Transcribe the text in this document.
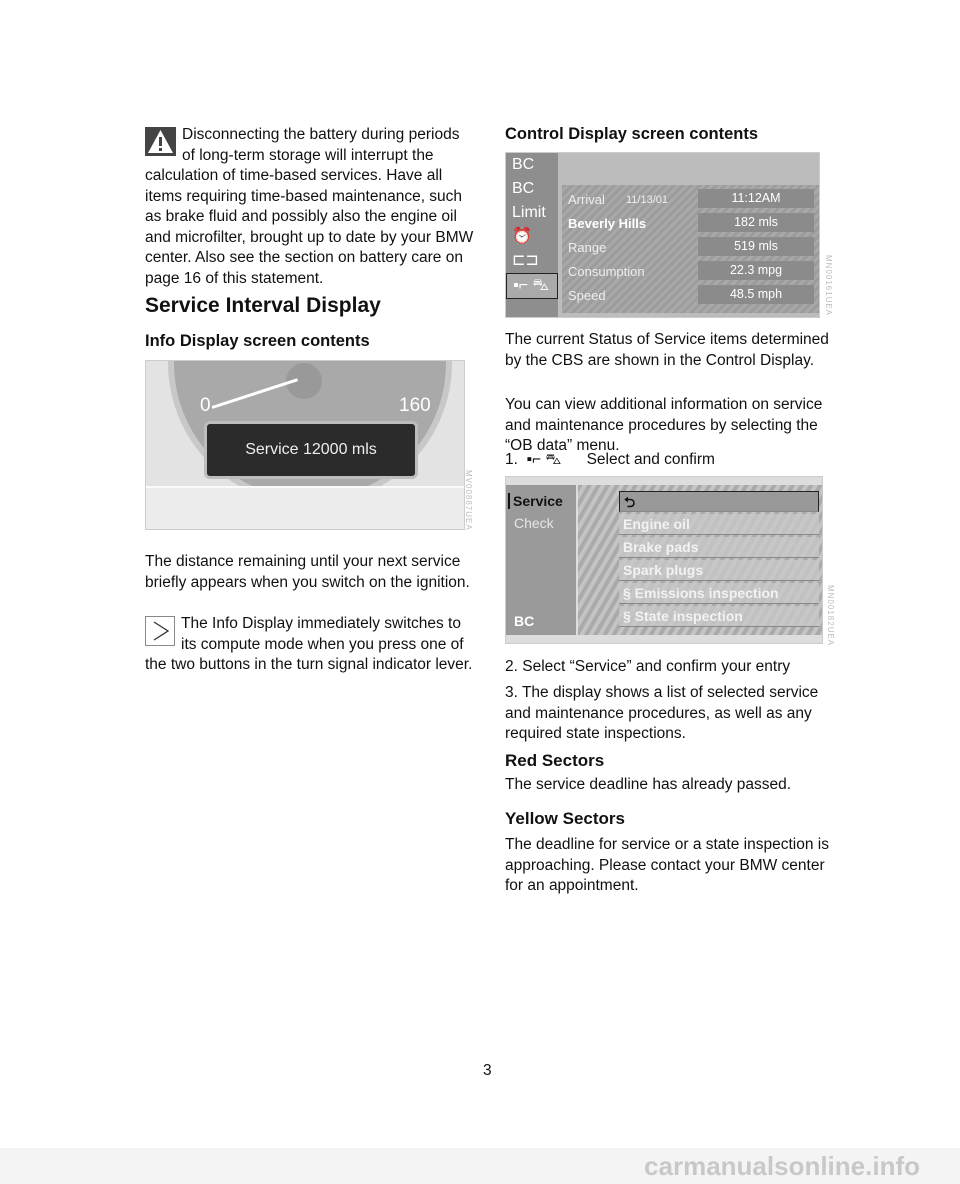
Disconnecting the battery during periods of long-term storage will interrupt the calculation of time-based services. Have all items requiring time-based maintenance, such as brake fluid and possibly also the engine oil and microfilter, brought up to date by your BMW center. Also see the section on battery care on page 16 of this statement.

Service Interval Display
Info Display screen contents
0	160
Service 12000 mls
MV00887UEA

The distance remaining until your next service briefly appears when you switch on the ignition.

The Info Display immediately switches to its compute mode when you press one of the two buttons in the turn signal indicator lever.

Control Display screen contents
BC
BC
Limit
⏰
⊏⊐
▪⌐ ⛍
Arrival 11/13/01	11:12AM
Beverly Hills	182 mls
Range	519 mls
Consumption	22.3 mpg
Speed	48.5 mph	MN00161UEA

The current Status of Service items determined by the CBS are shown in the Control Display.

You can view additional information on service and maintenance procedures by selecting the “OB data” menu.

1.  ▪⌐ ⛍ Select and confirm
Service
Check
BC
⮌
Engine oil
Brake pads
Spark plugs
§ Emissions inspection
§ State inspection	MN00182UEA

2. Select “Service” and confirm your entry

3. The display shows a list of selected service and maintenance procedures, as well as any required state inspections.

Red Sectors

The service deadline has already passed.

Yellow Sectors

The deadline for service or a state inspection is approaching. Please contact your BMW center for an appointment.

3
carmanualsonline.info
